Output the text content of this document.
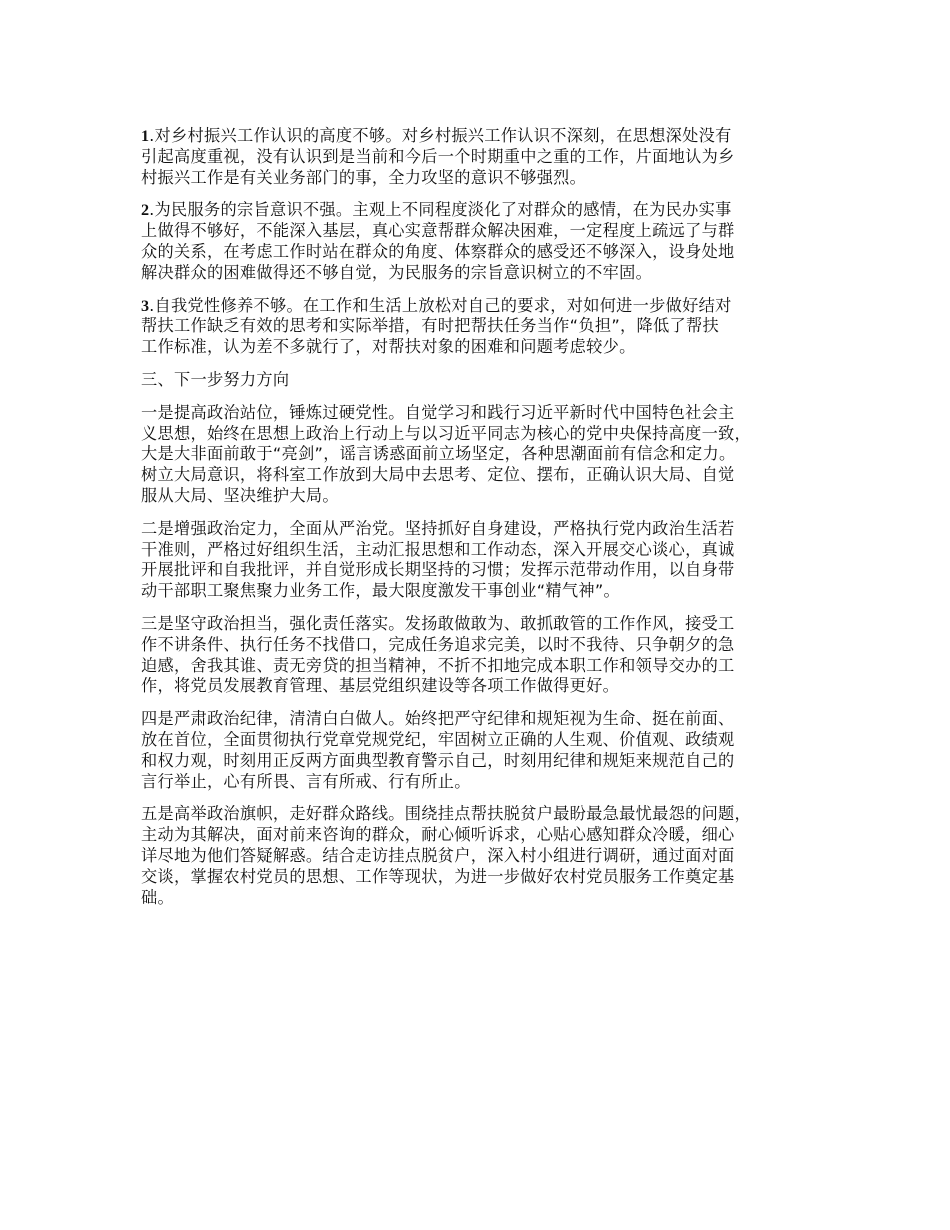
1.对乡村振兴工作认识的高度不够。对乡村振兴工作认识不深刻，在思想深处没有
引起高度重视，没有认识到是当前和今后一个时期重中之重的工作，片面地认为乡
村振兴工作是有关业务部门的事，全力攻坚的意识不够强烈。
2.为民服务的宗旨意识不强。主观上不同程度淡化了对群众的感情，在为民办实事
上做得不够好，不能深入基层，真心实意帮群众解决困难，一定程度上疏远了与群
众的关系，在考虑工作时站在群众的角度、体察群众的感受还不够深入，设身处地
解决群众的困难做得还不够自觉，为民服务的宗旨意识树立的不牢固。
3.自我党性修养不够。在工作和生活上放松对自己的要求，对如何进一步做好结对
帮扶工作缺乏有效的思考和实际举措，有时把帮扶任务当作“负担”，降低了帮扶
工作标准，认为差不多就行了，对帮扶对象的困难和问题考虑较少。
三、下一步努力方向
一是提高政治站位，锤炼过硬党性。自觉学习和践行习近平新时代中国特色社会主
义思想，始终在思想上政治上行动上与以习近平同志为核心的党中央保持高度一致，
大是大非面前敢于“亮剑”，谣言诱惑面前立场坚定，各种思潮面前有信念和定力。
树立大局意识，将科室工作放到大局中去思考、定位、摆布，正确认识大局、自觉
服从大局、坚决维护大局。
二是增强政治定力，全面从严治党。坚持抓好自身建设，严格执行党内政治生活若
干准则，严格过好组织生活，主动汇报思想和工作动态，深入开展交心谈心，真诚
开展批评和自我批评，并自觉形成长期坚持的习惯；发挥示范带动作用，以自身带
动干部职工聚焦聚力业务工作，最大限度激发干事创业“精气神”。
三是坚守政治担当，强化责任落实。发扬敢做敢为、敢抓敢管的工作作风，接受工
作不讲条件、执行任务不找借口，完成任务追求完美，以时不我待、只争朝夕的急
迫感，舍我其谁、责无旁贷的担当精神，不折不扣地完成本职工作和领导交办的工
作，将党员发展教育管理、基层党组织建设等各项工作做得更好。
四是严肃政治纪律，清清白白做人。始终把严守纪律和规矩视为生命、挺在前面、
放在首位，全面贯彻执行党章党规党纪，牢固树立正确的人生观、价值观、政绩观
和权力观，时刻用正反两方面典型教育警示自己，时刻用纪律和规矩来规范自己的
言行举止，心有所畏、言有所戒、行有所止。
五是高举政治旗帜，走好群众路线。围绕挂点帮扶脱贫户最盼最急最忧最怨的问题，
主动为其解决，面对前来咨询的群众，耐心倾听诉求，心贴心感知群众冷暖，细心
详尽地为他们答疑解惑。结合走访挂点脱贫户，深入村小组进行调研，通过面对面
交谈，掌握农村党员的思想、工作等现状，为进一步做好农村党员服务工作奠定基
础。
